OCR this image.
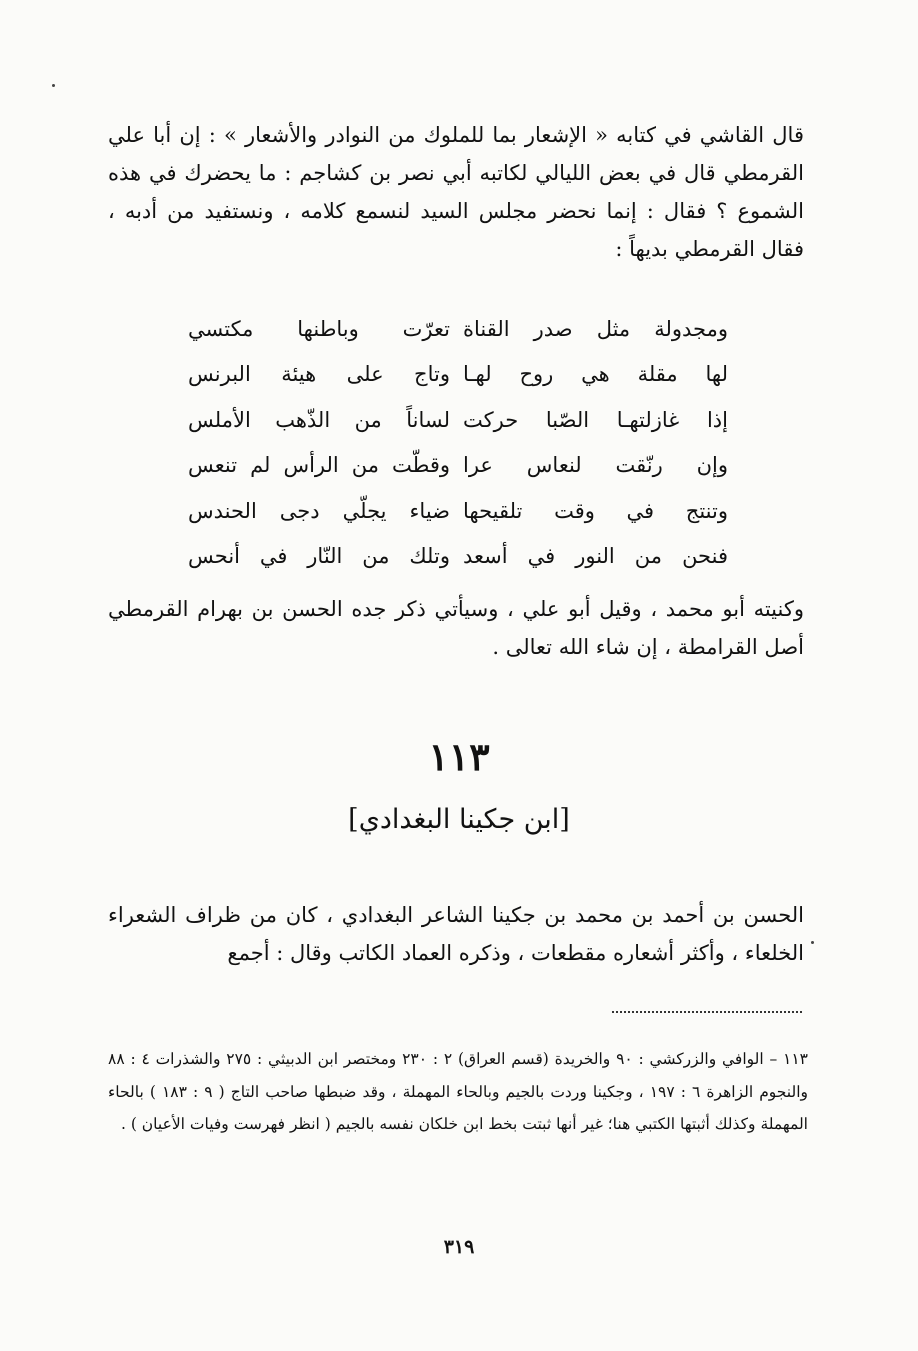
قال القاشي في كتابه « الإشعار بما للملوك من النوادر والأشعار » : إن أبا علي القرمطي قال في بعض الليالي لكاتبه أبي نصر بن كشاجم : ما يحضرك في هذه الشموع ؟ فقال : إنما نحضر مجلس السيد لنسمع كلامه ، ونستفيد من أدبه ، فقال القرمطي بديهاً :
ومجدولة مثل صدر القناة
تعرّت وباطنها مكتسي
لها مقلة هي روح لهـا
وتاج على هيئة البرنس
إذا غازلتهـا الصّبا حركت
لساناً من الذّهب الأملس
وإن رنّقت لنعاس عرا
وقطّت من الرأس لم تنعس
وتنتج في وقت تلقيحها
ضياء يجلّي دجى الحندس
فنحن من النور في أسعد
وتلك من النّار في أنحس
وكنيته أبو محمد ، وقيل أبو علي ، وسيأتي ذكر جده الحسن بن بهرام القرمطي أصل القرامطة ، إن شاء الله تعالى .
١١٣
[ابن جكينا البغدادي]
الحسن بن أحمد بن محمد بن جكينا الشاعر البغدادي ، كان من ظراف الشعراء الخلعاء ، وأكثر أشعاره مقطعات ، وذكره العماد الكاتب وقال : أجمع
١١٣ – الوافي والزركشي : ٩٠ والخريدة (قسم العراق) ٢ : ٢٣٠ ومختصر ابن الدبيثي : ٢٧٥ والشذرات ٤ : ٨٨ والنجوم الزاهرة ٦ : ١٩٧ ، وجكينا وردت بالجيم وبالحاء المهملة ، وقد ضبطها صاحب التاج ( ٩ : ١٨٣ ) بالحاء المهملة وكذلك أثبتها الكتبي هنا؛ غير أنها ثبتت بخط ابن خلكان نفسه بالجيم ( انظر فهرست وفيات الأعيان ) .
٣١٩
